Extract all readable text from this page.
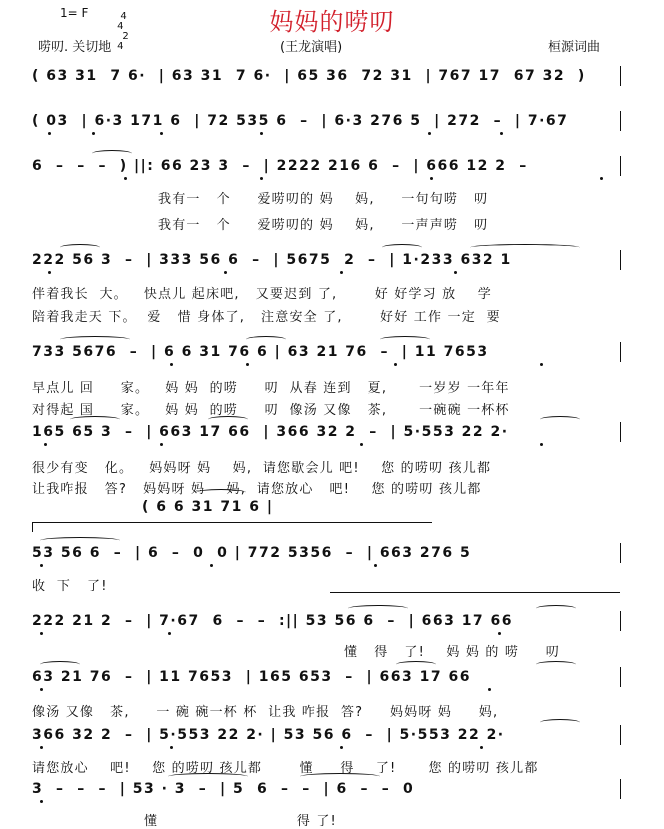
妈妈的唠叨
1= F	4
4
2
4

唠叨. 关切地	(王龙演唱)	桓源词曲
( 63 31  7 6·  | 63 31  7 6·  | 65 36  72 31  | 767 17  67 32  )
( 03  | 6·3 171 6  | 72 535 6  –  | 6·3 276 5  | 272  –  | 7·67
6  –  –  –  ) ||: 66 23 3  –  | 2222 216 6  –  | 666 12 2  –
222 56 3  –  | 333 56 6  –  | 5675  2  –  | 1·233 632 1
733 5676  –  | 6 6 31 76 6 | 63 21 76  –  | 11 7653
165 65 3  –  | 663 17 66  | 366 32 2  –  | 5·553 22 2·
( 6 6 31 71 6 |
53 56 6  –  | 6  –  0  0 | 772 5356  –  | 663 276 5
222 21 2  –  | 7·67  6  –  –  :|| 53 56 6  –  | 663 17 66
63 21 76  –  | 11 7653  | 165 653  –  | 663 17 66
366 32 2  –  | 5·553 22 2· | 53 56 6  –  | 5·553 22 2·
3  –  –  –  | 53 · 3  –  | 5  6  –  –  | 6  –  –  0
我有一   个     爱唠叨的 妈    妈,     一句句唠   叨
我有一   个     爱唠叨的 妈    妈,     一声声唠   叨
伴着我长  大。   快点儿 起床吧,   又要迟到 了,       好 好学习 放    学
陪着我走天 下。  爱   惜 身体了,   注意安全 了,       好好 工作 一定  要
早点儿 回     家。   妈 妈  的唠     叨  从春 连到   夏,      一岁岁 一年年
对得起 国     家。   妈 妈  的唠     叨  像汤 又像   茶,      一碗碗 一杯杯
很少有变   化。   妈妈呀 妈    妈,  请您歇会儿 吧!    您 的唠叨 孩儿都
让我咋报   答?   妈妈呀 妈    妈,  请您放心   吧!    您 的唠叨 孩儿都
收  下   了!
懂   得   了!    妈 妈 的 唠     叨
像汤 又像   茶,     一 碗 碗一杯 杯  让我 咋报  答?     妈妈呀 妈     妈,
请您放心    吧!    您 的唠叨 孩儿都       懂     得    了!      您 的唠叨 孩儿都
懂                          得 了!
